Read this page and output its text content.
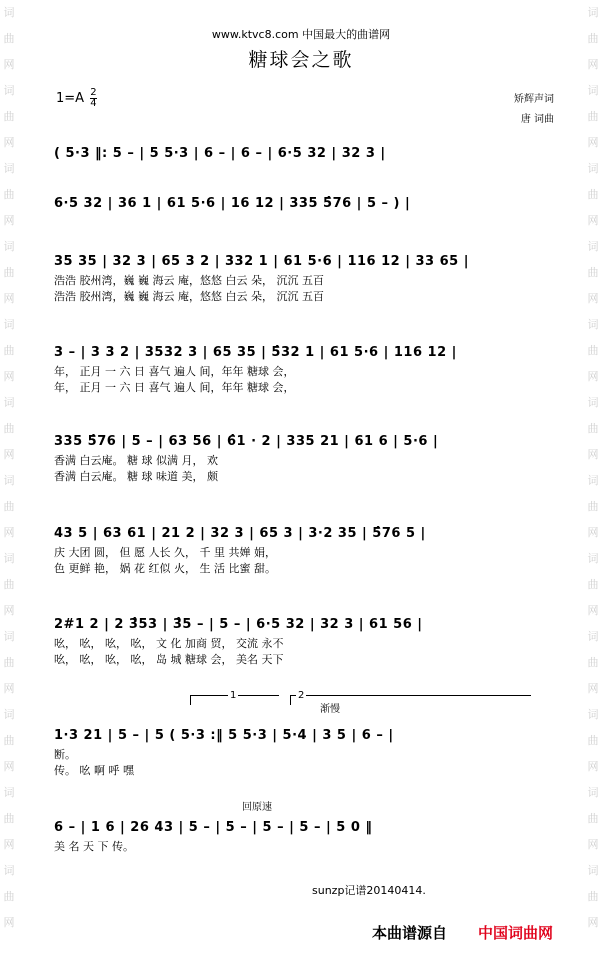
词
曲
网
词
曲
网
词
曲
网
词
曲
网
词
曲
网
词
曲
网
词
曲
网
词
曲
网
词
曲
网
词
曲
网
词
曲
网
词
曲
网
词
曲
网
词
曲
网
词
曲
网
词
曲
网
词
曲
网
词
曲
网
词
曲
网
词
曲
网
词
曲
网
词
曲
网
词
曲
网
词
曲
网
www.ktvc8.com 中国最大的曲谱网
糖球会之歌
$1=A \frac{2}{4}$	矫辉声词
唐 词曲
( 5·3 ‖: 5 – | 5 5·3 | 6 – | 6 – | 6·5 32 | 32 3 |
6·5 32 | 36 1 | 61 5·6 | 16 12 | 335 5̂76 | 5 – ) |
35 35 | 32 3 | 65 3 2 | 332 1 | 61 5·6 | 116 12 | 33 65 |
浩浩 胶州湾，巍 巍 海云 庵，悠悠 白云 朵， 沉沉 五百
浩浩 胶州湾，巍 巍 海云 庵，悠悠 白云 朵， 沉沉 五百
3 – | 3 3 2 | 3532 3 | 65 35 | 5̂32 1 | 61 5·6 | 116 12 |
年， 正月 一 六 日 喜气 遍人 间，年年 糖球 会，
年， 正月 一 六 日 喜气 遍人 间，年年 糖球 会，
335 5̂76 | 5 – | 63 56 | 6̂1 · 2 | 335 21 | 61 6 | 5·6 |
香满 白云庵。 糖 球 似满 月， 欢
香满 白云庵。 糖 球 味道 美， 颇
43 5 | 63 61 | 21 2 | 32 3 | 65 3 | 3·2 35 | 5̂76 5 |
庆 大团 圆， 但 愿 人长 久， 千 里 共婵 娟，
色 更鲜 艳， 娲 花 红似 火， 生 活 比蜜 甜。
2#1 2 | 2 3̂53 | 3̂5 – | 5 – | 6·5 32 | 32 3 | 61 56 |
吆， 吆， 吆， 吆， 文 化 加商 贸， 交流 永不
吆， 吆， 吆， 吆， 岛 城 糖球 会， 美名 天下
1	2
渐慢
1·3 21 | 5 – | 5 ( 5·3 :‖ 5 5·3 | 5·4 | 3 5 | 6 – |
断。
传。 吆 啊 呼 嘿
回原速
6 – | 1 6 | 26 43 | 5 – | 5 – | 5 – | 5 – | 5 0 ‖
美 名 天 下 传。
sunzp记谱20140414.
本曲谱源自 中国词曲网
